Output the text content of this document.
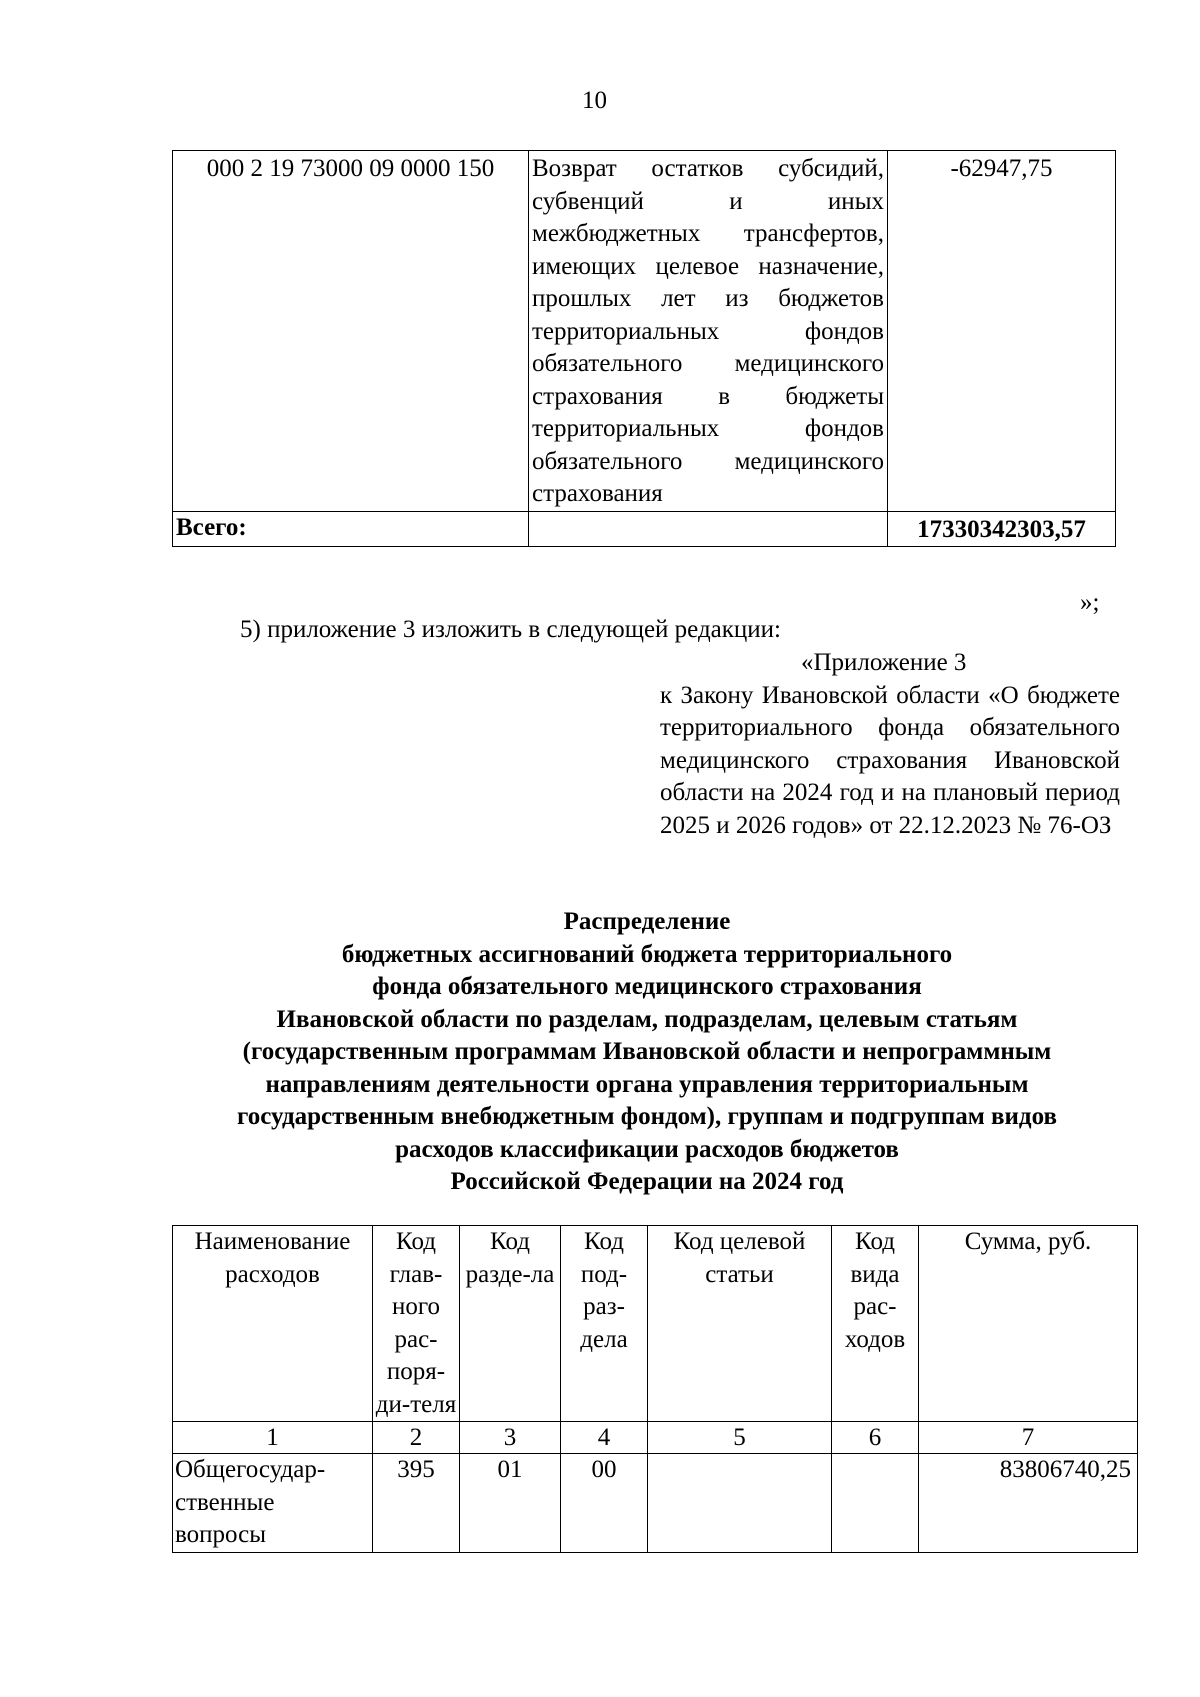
10
000 2 19 73000 09 0000 150	Возврат остатков субсидий, субвенций и иных межбюджетных трансфертов, имеющих целевое назначение, прошлых лет из бюджетов территориальных фондов обязательного медицинского страхования в бюджеты территориальных фондов обязательного медицинского страхования	-62947,75
Всего:		17330342303,57
»;
5) приложение 3 изложить в следующей редакции:
«Приложение 3
к Закону Ивановской области «О бюджете территориального фонда обязательного медицинского страхования Ивановской области на 2024 год и на плановый период 2025 и 2026 годов» от 22.12.2023 № 76-ОЗ
Распределение
бюджетных ассигнований бюджета территориального
фонда обязательного медицинского страхования
Ивановской области по разделам, подразделам, целевым статьям
(государственным программам Ивановской области и непрограммным
направлениям деятельности органа управления территориальным
государственным внебюджетным фондом), группам и подгруппам видов
расходов классификации расходов бюджетов
Российской Федерации на 2024 год
Наименование расходов	Код глав-ного рас-поря-ди-теля	Код разде-ла	Код под-раз-дела	Код целевой статьи	Код вида рас-ходов	Сумма, руб.
1	2	3	4	5	6	7
Общегосудар-ственные вопросы	395	01	00			83806740,25
